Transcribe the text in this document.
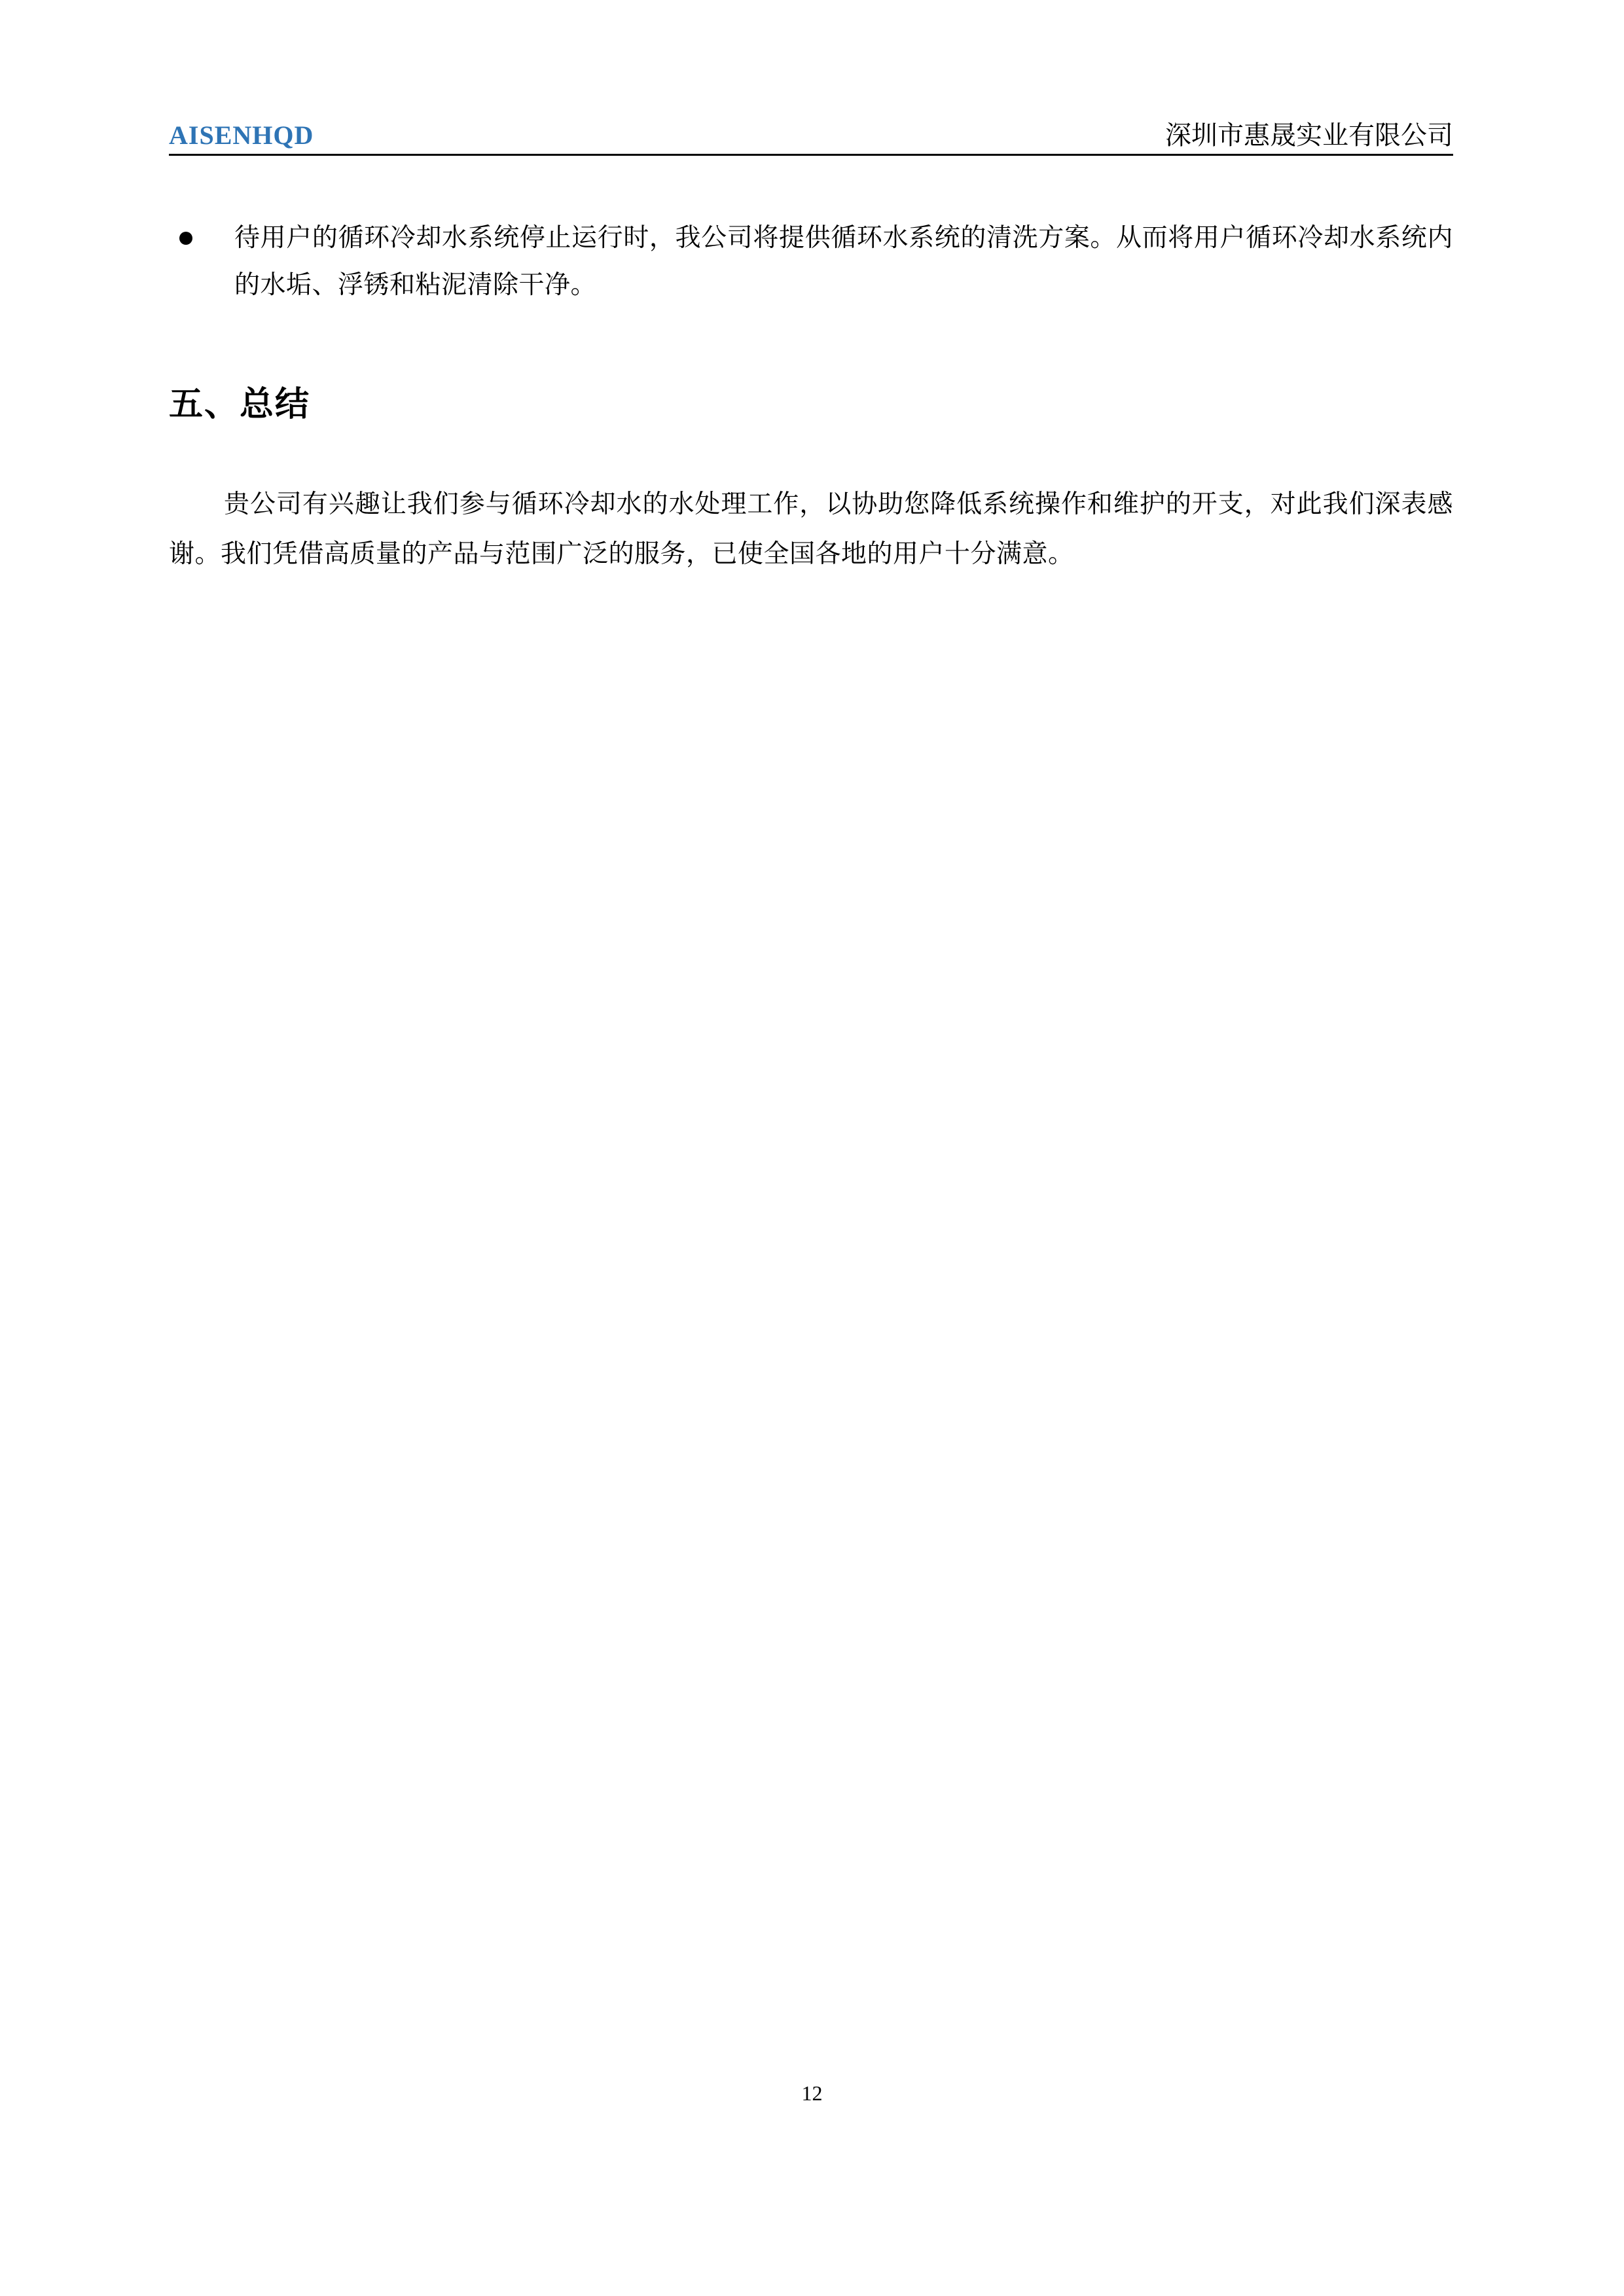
AISENHQD	深圳市惠晟实业有限公司
待用户的循环冷却水系统停止运行时，我公司将提供循环水系统的清洗方案。从而将用户循环冷却水系统内的水垢、浮锈和粘泥清除干净。
五、总结

贵公司有兴趣让我们参与循环冷却水的水处理工作，以协助您降低系统操作和维护的开支，对此我们深表感谢。我们凭借高质量的产品与范围广泛的服务，已使全国各地的用户十分满意。

12
